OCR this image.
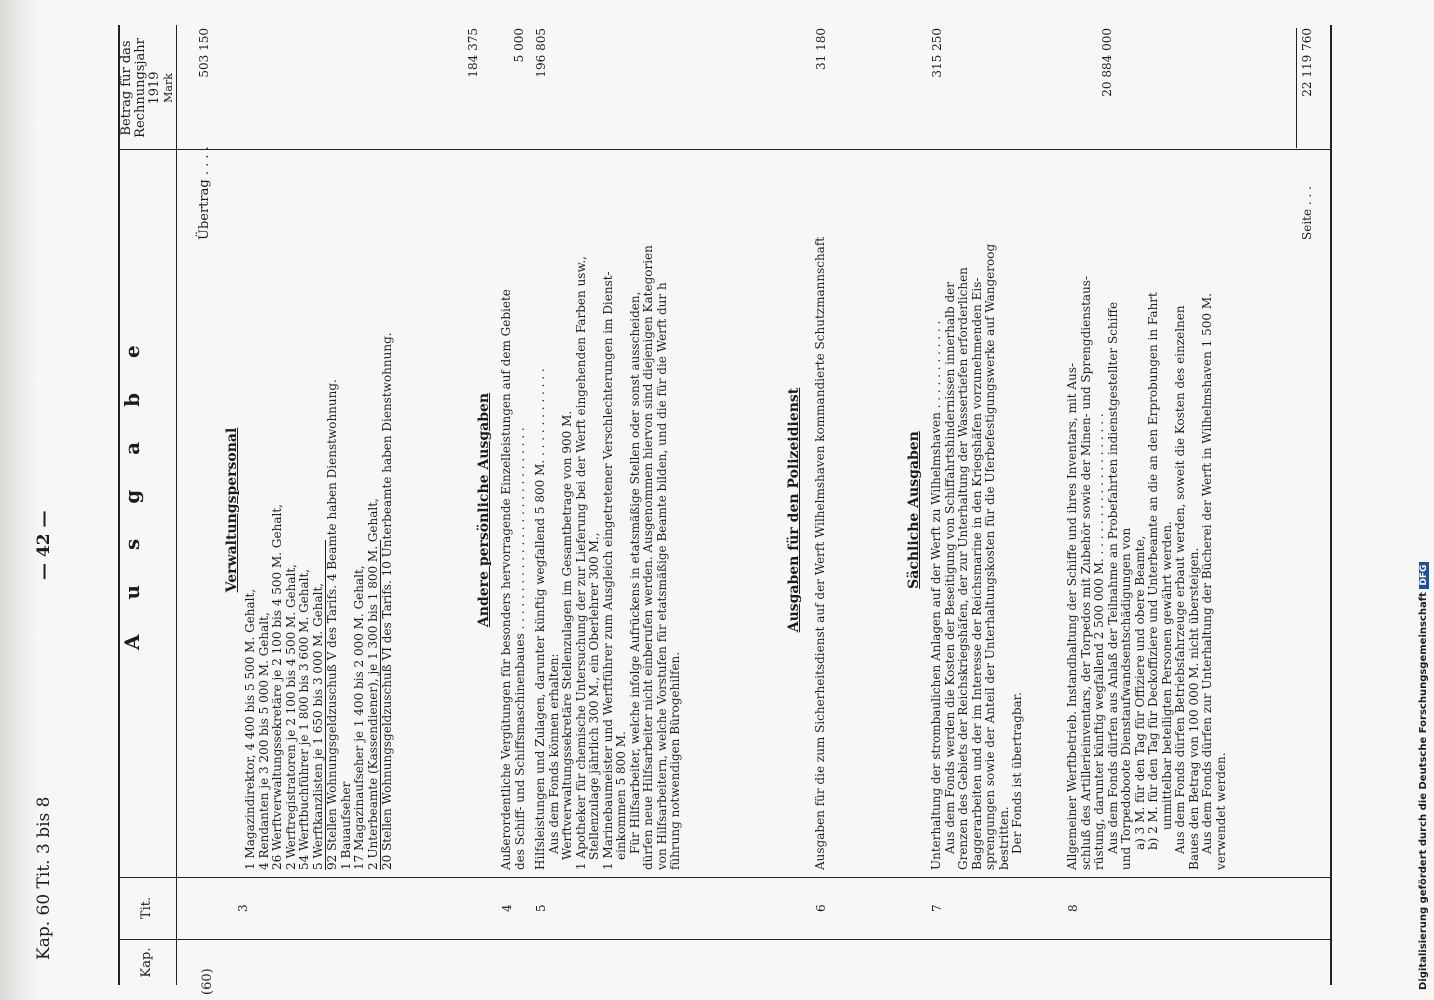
Kap. 60 Tit. 3 bis 8
— 42 —
Kap.
Tit.
Betrag für das Rechnungsjahr 1919 Mark
A u s g a b e
Übertrag . . . .
503 150
(60)
Verwaltungspersonal
3
1 Magazindirektor, 4 400 bis 5 500 M. Gehalt, 4 Rendanten je 3 200 bis 5 000 M. Gehalt, 26 Werftverwaltungssekretäre je 2 100 bis 4 500 M. Gehalt, 2 Werftregistratoren je 2 100 bis 4 500 M. Gehalt, 54 Werftbuchführer je 1 800 bis 3 600 M. Gehalt, 5 Werftkanzlisten je 1 650 bis 3 000 M. Gehalt, 92 Stellen Wohnungsgeldzuschuß V des Tarifs. 4 Beamte haben Dienstwohnung. 1 Bauaufseher 17 Magazinaufseher je 1 400 bis 2 000 M. Gehalt, 2 Unterbeamte (Kassendiener), je 1 300 bis 1 800 M. Gehalt, 20 Stellen Wohnungsgeldzuschuß VI des Tarifs. 10 Unterbeamte haben Dienstwohnung.
184 375
Andere persönliche Ausgaben
4
Außerordentliche Vergütungen für besonders hervorragende Einzelleistungen auf dem Gebiete des Schiff- und Schiffsmaschinenbaues . . . . . . . . . . . . . . . . . . . . . . . . . . .
5 000
5
Hilfsleistungen und Zulagen, darunter künftig wegfallend 5 800 M. . . . . . . . . . . . . Aus dem Fonds können erhalten: Werftverwaltungssekretäre Stellenzulagen im Gesamtbetrage von 900 M. 1 Apotheker für chemische Untersuchung der zur Lieferung bei der Werft eingehenden Farben usw., Stellenzulage jährlich 300 M., ein Oberlehrer 300 M., 1 Marinebaumeister und Werftführer zum Ausgleich eingetretener Verschlechterungen im Dienst- einkommen 5 800 M. Für Hilfsarbeiter, welche infolge Aufrückens in etatsmäßige Stellen oder sonst ausscheiden, dürfen neue Hilfsarbeiter nicht einberufen werden. Ausgenommen hiervon sind diejenigen Kategorien von Hilfsarbeitern, welche Vorstufen für etatsmäßige Beamte bilden, und die für die Werft dur h führung notwendigen Bürogehilfen.
196 805
Ausgaben für den Polizeidienst
6
Ausgaben für die zum Sicherheitsdienst auf der Werft Wilhelmshaven kommandierte Schutzmannschaft
31 180
Sächliche Ausgaben
7
Unterhaltung der strombaulichen Anlagen auf der Werft zu Wilhelmshaven . . . . . . . . . . . . Aus dem Fonds werden die Kosten der Beseitigung von Schiffahrtshindernissen innerhalb der Grenzen des Gebiets der Reichskriegshäfen, der zur Unterhaltung der Wassertiefen erforderlichen Baggerarbeiten und der im Interesse der Reichsmarine in den Kriegshäfen vorzunehmenden Eis- sprengungen sowie der Anteil der Unterhaltungskosten für die Uferbefestigungswerke auf Wangeroog bestritten. Der Fonds ist übertragbar.
315 250
8
Allgemeiner Werftbetrieb. Instandhaltung der Schiffe und ihres Inventars, mit Aus- schluß des Artillerieinventars, der Torpedos mit Zubehör sowie der Minen- und Sprengdienstaus- rüstung, darunter künftig wegfallend 2 500 000 M. . . . . . . . . . . . . . . . . . . . Aus dem Fonds dürfen aus Anlaß der Teilnahme an Probefahrten indienstgestellter Schiffe und Torpedoboote Dienstaufwandsentschädigungen von a) 3 M. für den Tag für Offiziere und obere Beamte, b) 2 M. für den Tag für Deckoffiziere und Unterbeamte an die an den Erprobungen in Fahrt unmittelbar beteiligten Personen gewährt werden. Aus dem Fonds dürfen Betriebsfahrzeuge erbaut werden, soweit die Kosten des einzelnen Baues den Betrag von 100 000 M. nicht übersteigen. Aus dem Fonds dürfen zur Unterhaltung der Bücherei der Werft in Wilhelmshaven 1 500 M. verwendet werden.
20 884 000
Seite . . .
22 119 760
Digitalisierung gefördert durch die Deutsche Forschungsgemeinschaft DFG
